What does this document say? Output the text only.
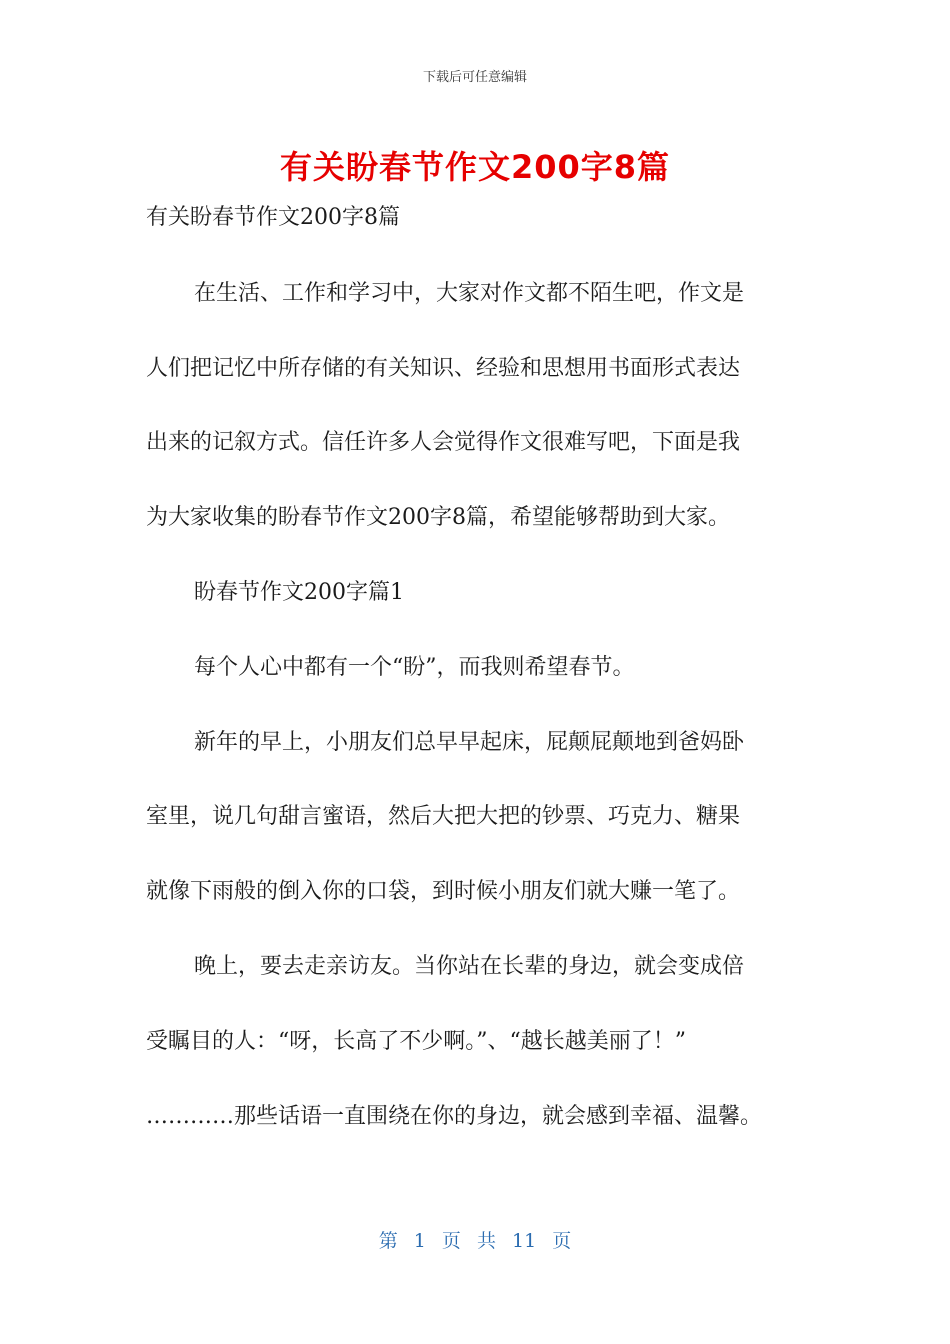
下载后可任意编辑
有关盼春节作文200字8篇
有关盼春节作文200字8篇
在生活、工作和学习中，大家对作文都不陌生吧，作文是
人们把记忆中所存储的有关知识、经验和思想用书面形式表达
出来的记叙方式。信任许多人会觉得作文很难写吧，下面是我
为大家收集的盼春节作文200字8篇，希望能够帮助到大家。
盼春节作文200字篇1
每个人心中都有一个“盼”，而我则希望春节。
新年的早上，小朋友们总早早起床，屁颠屁颠地到爸妈卧
室里，说几句甜言蜜语，然后大把大把的钞票、巧克力、糖果
就像下雨般的倒入你的口袋，到时候小朋友们就大赚一笔了。
晚上，要去走亲访友。当你站在长辈的身边，就会变成倍
受瞩目的人：“呀，长高了不少啊。”、“越长越美丽了！”
…………那些话语一直围绕在你的身边，就会感到幸福、温馨。
第 1 页 共 11 页
